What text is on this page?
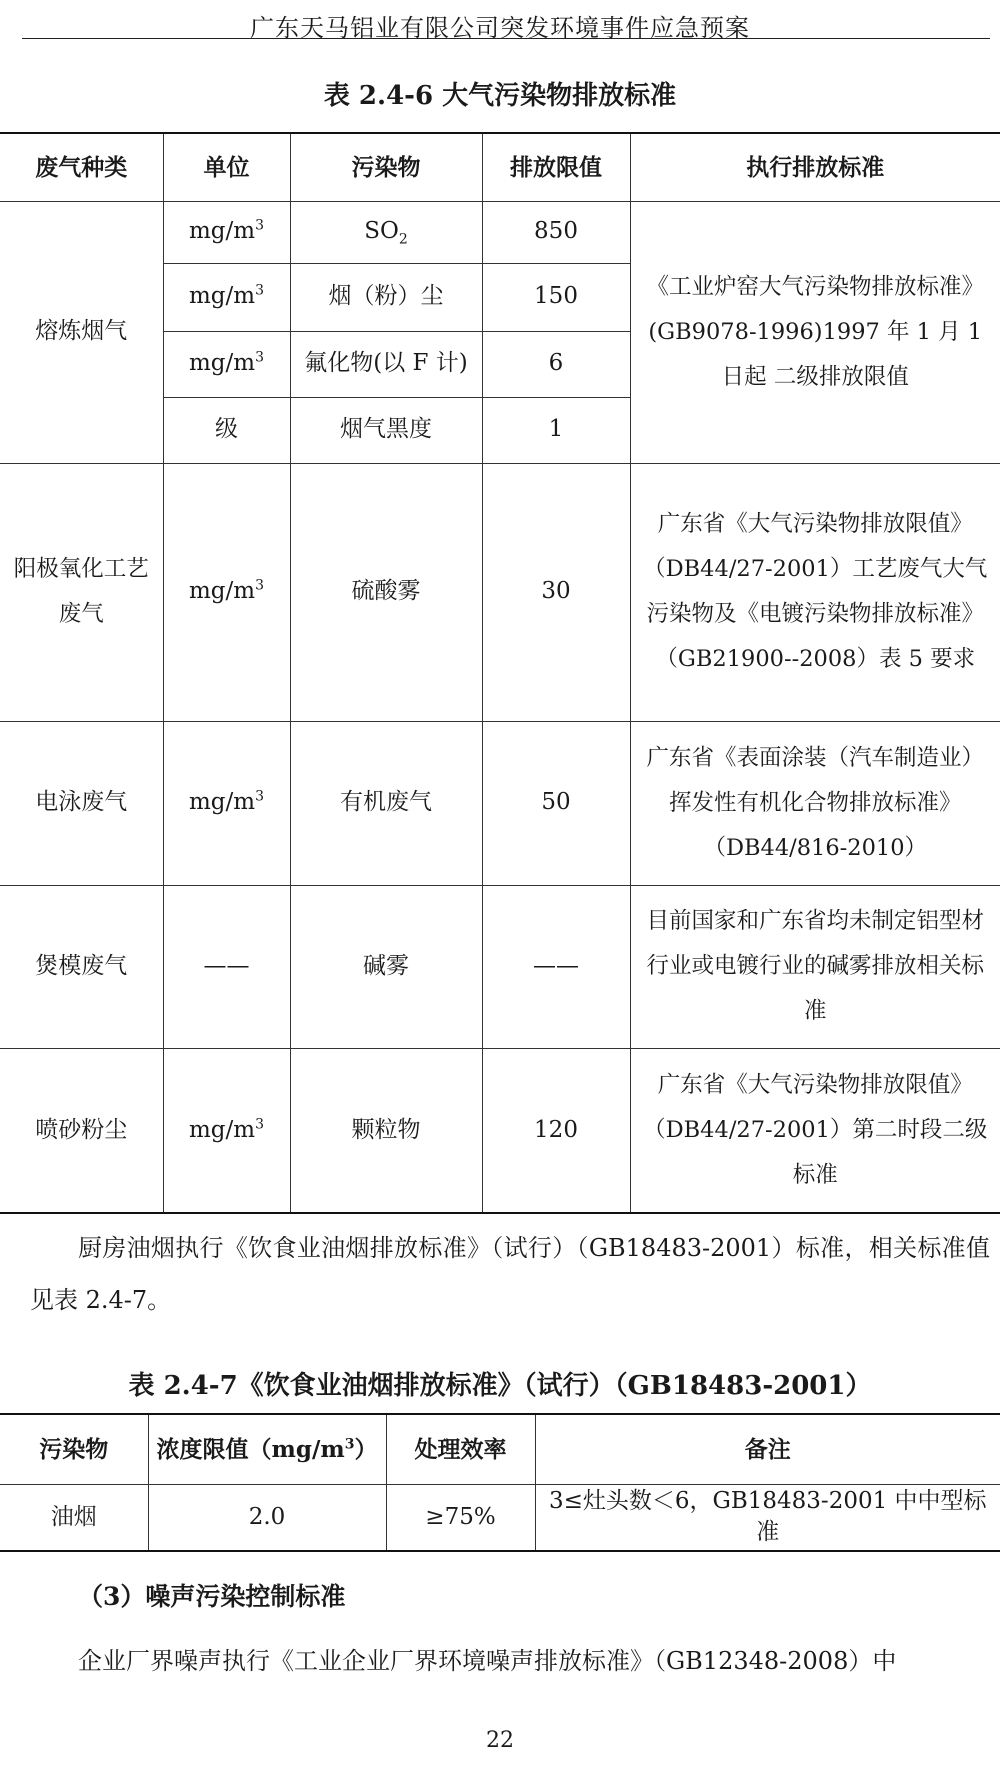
广东天马铝业有限公司突发环境事件应急预案
表 2.4-6 大气污染物排放标准
废气种类	单位	污染物	排放限值	执行排放标准
熔炼烟气	$mg/m^3$	$SO_2$	850	《工业炉窑大气污染物排放标准》(GB9078-1996)1997 年 1 月 1 日起 二级排放限值
	$mg/m^3$	烟（粉）尘	150	
	$mg/m^3$	氟化物(以 F 计)	6	
	级	烟气黑度	1	
阳极氧化工艺废气	$mg/m^3$	硫酸雾	30	广东省《大气污染物排放限值》（DB44/27-2001）工艺废气大气污染物及《电镀污染物排放标准》（GB21900--2008）表 5 要求
电泳废气	$mg/m^3$	有机废气	50	广东省《表面涂装（汽车制造业）挥发性有机化合物排放标准》（DB44/816-2010）
煲模废气	——	碱雾	——	目前国家和广东省均未制定铝型材行业或电镀行业的碱雾排放相关标准
喷砂粉尘	$mg/m^3$	颗粒物	120	广东省《大气污染物排放限值》（DB44/27-2001）第二时段二级标准
厨房油烟执行《饮食业油烟排放标准》（试行）（GB18483-2001）标准，相关标准值见表 2.4-7。
表 2.4-7《饮食业油烟排放标准》（试行）（GB18483-2001）
污染物	浓度限值$(mg/m^3)$	处理效率	备注
油烟	2.0	≥75%	3≤灶头数＜6，GB18483-2001 中中型标准
（3）噪声污染控制标准
企业厂界噪声执行《工业企业厂界环境噪声排放标准》（GB12348-2008）中
22
